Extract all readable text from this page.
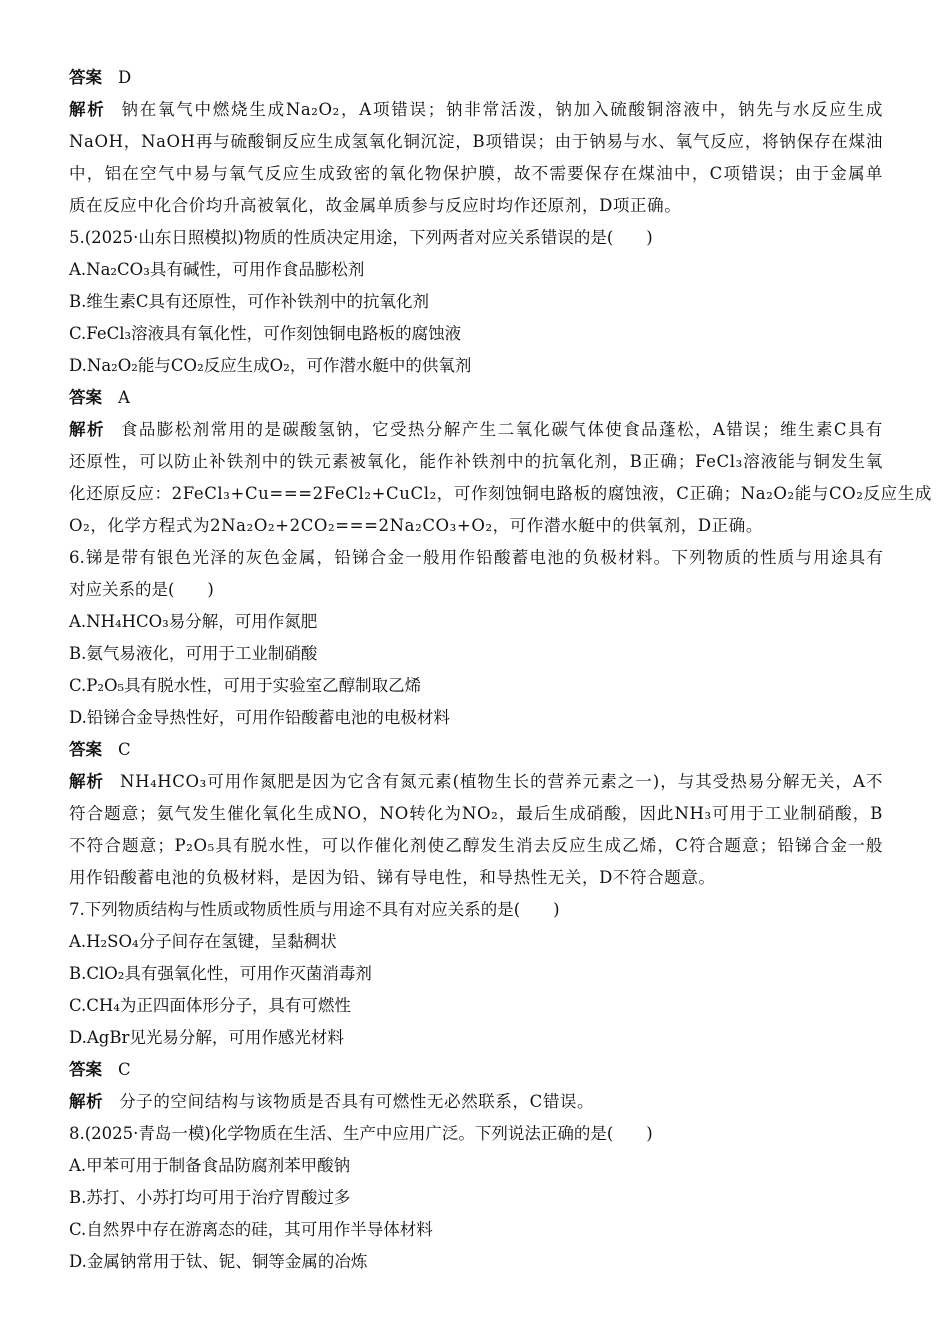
答案 D
解析 钠在氧气中燃烧生成Na₂O₂，A项错误；钠非常活泼，钠加入硫酸铜溶液中，钠先与水反应生成
NaOH，NaOH再与硫酸铜反应生成氢氧化铜沉淀，B项错误；由于钠易与水、氧气反应，将钠保存在煤油
中，铝在空气中易与氧气反应生成致密的氧化物保护膜，故不需要保存在煤油中，C项错误；由于金属单
质在反应中化合价均升高被氧化，故金属单质参与反应时均作还原剂，D项正确。
5.(2025·山东日照模拟)物质的性质决定用途，下列两者对应关系错误的是(　　)
A.Na₂CO₃具有碱性，可用作食品膨松剂
B.维生素C具有还原性，可作补铁剂中的抗氧化剂
C.FeCl₃溶液具有氧化性，可作刻蚀铜电路板的腐蚀液
D.Na₂O₂能与CO₂反应生成O₂，可作潜水艇中的供氧剂
答案 A
解析 食品膨松剂常用的是碳酸氢钠，它受热分解产生二氧化碳气体使食品蓬松，A错误；维生素C具有
还原性，可以防止补铁剂中的铁元素被氧化，能作补铁剂中的抗氧化剂，B正确；FeCl₃溶液能与铜发生氧
化还原反应：2FeCl₃+Cu===2FeCl₂+CuCl₂，可作刻蚀铜电路板的腐蚀液，C正确；Na₂O₂能与CO₂反应生成
O₂，化学方程式为2Na₂O₂+2CO₂===2Na₂CO₃+O₂，可作潜水艇中的供氧剂，D正确。
6.锑是带有银色光泽的灰色金属，铅锑合金一般用作铅酸蓄电池的负极材料。下列物质的性质与用途具有
对应关系的是(　　)
A.NH₄HCO₃易分解，可用作氮肥
B.氨气易液化，可用于工业制硝酸
C.P₂O₅具有脱水性，可用于实验室乙醇制取乙烯
D.铅锑合金导热性好，可用作铅酸蓄电池的电极材料
答案 C
解析 NH₄HCO₃可用作氮肥是因为它含有氮元素(植物生长的营养元素之一)，与其受热易分解无关，A不
符合题意；氨气发生催化氧化生成NO，NO转化为NO₂，最后生成硝酸，因此NH₃可用于工业制硝酸，B
不符合题意；P₂O₅具有脱水性，可以作催化剂使乙醇发生消去反应生成乙烯，C符合题意；铅锑合金一般
用作铅酸蓄电池的负极材料，是因为铅、锑有导电性，和导热性无关，D不符合题意。
7.下列物质结构与性质或物质性质与用途不具有对应关系的是(　　)
A.H₂SO₄分子间存在氢键，呈黏稠状
B.ClO₂具有强氧化性，可用作灭菌消毒剂
C.CH₄为正四面体形分子，具有可燃性
D.AgBr见光易分解，可用作感光材料
答案 C
解析 分子的空间结构与该物质是否具有可燃性无必然联系，C错误。
8.(2025·青岛一模)化学物质在生活、生产中应用广泛。下列说法正确的是(　　)
A.甲苯可用于制备食品防腐剂苯甲酸钠
B.苏打、小苏打均可用于治疗胃酸过多
C.自然界中存在游离态的硅，其可用作半导体材料
D.金属钠常用于钛、铌、铜等金属的冶炼
